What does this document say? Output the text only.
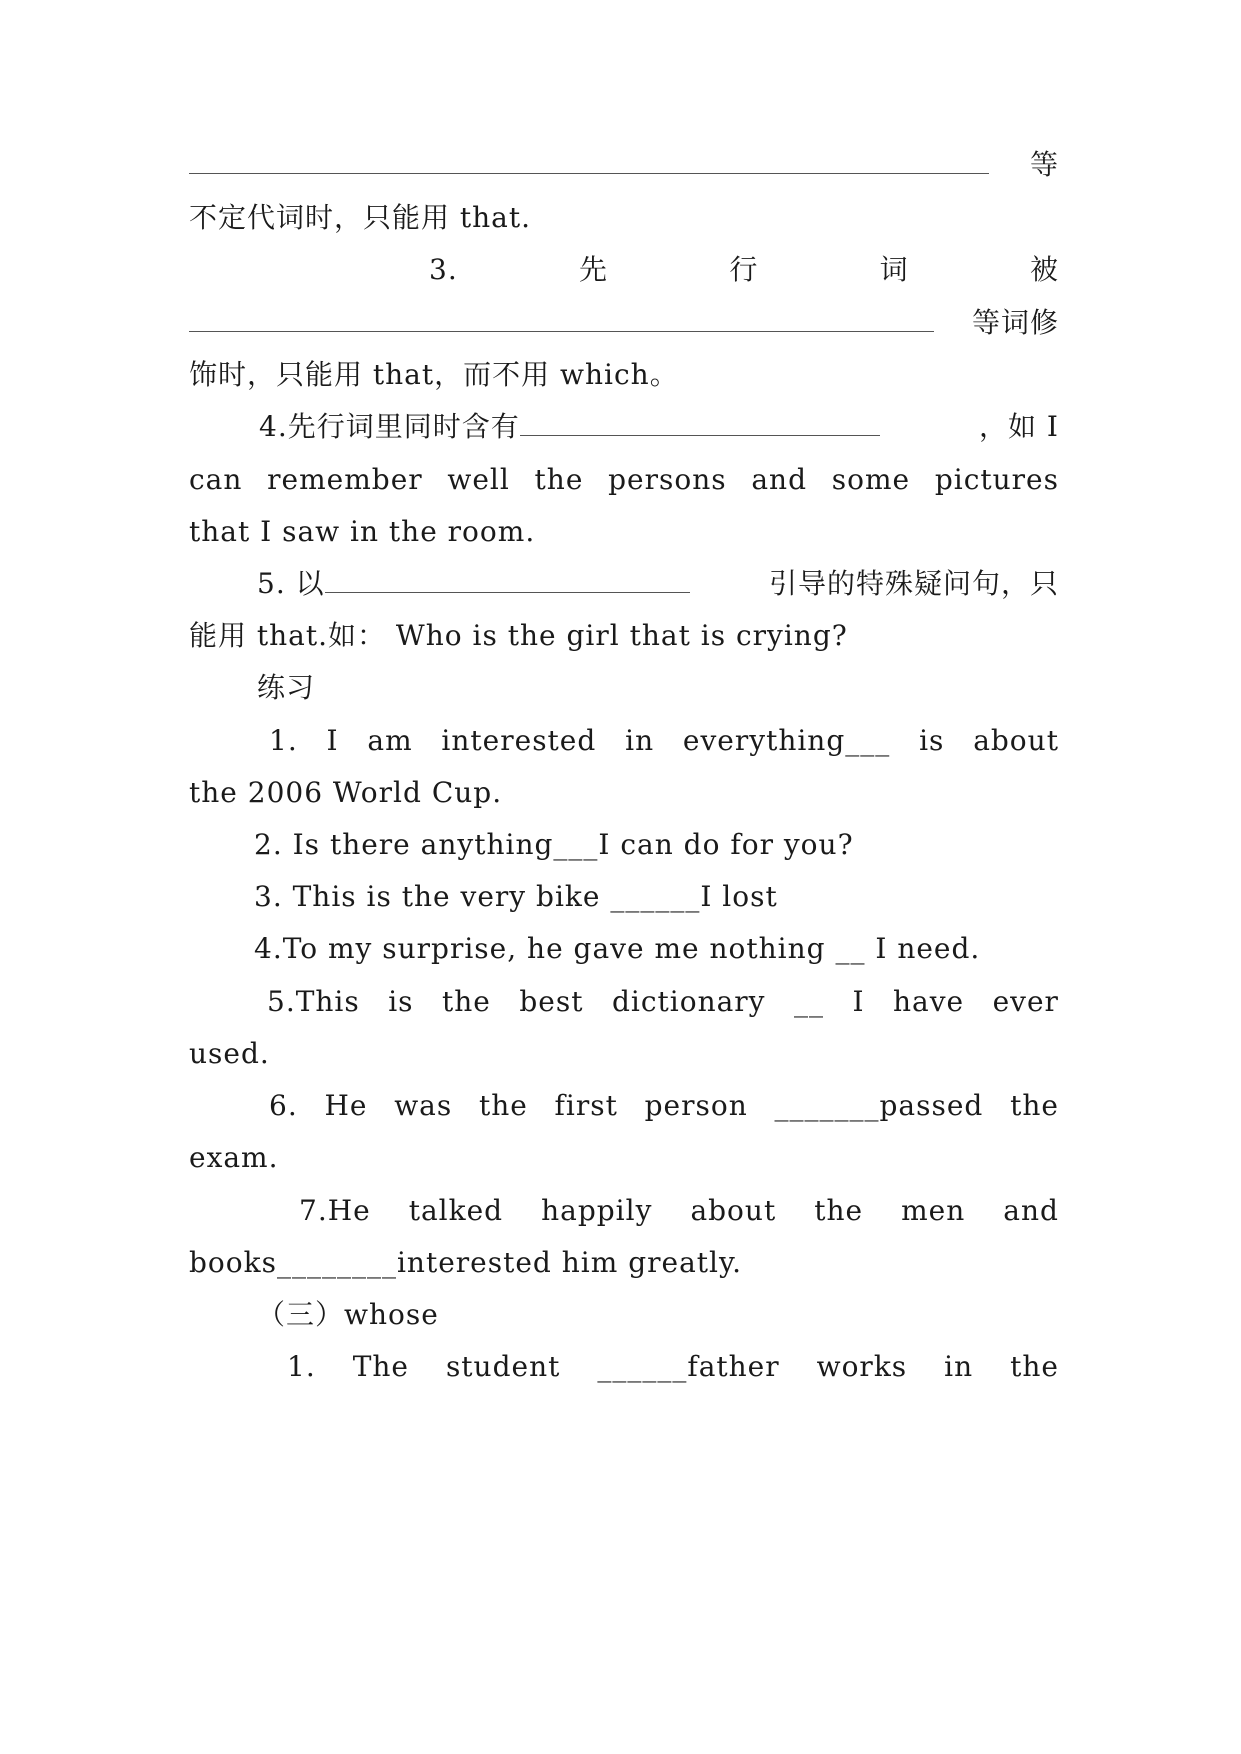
等
不定代词时，只能用 that.
3.	先	行	词	被
等词修
饰时，只能用 that，而不用 which。
4.先行词里同时含有	，如 I
can remember well the persons and some pictures
that I saw in the room.
5. 以	引导的特殊疑问句，只
能用 that.如： Who is the girl that is crying?
练习
1. I am interested in everything___ is about
the 2006 World Cup.
2. Is there anything___I can do for you?
3. This is the very bike ______I lost
4.To my surprise, he gave me nothing __ I need.
5.This is the best dictionary __ I have ever
used.
6. He was the first person _______passed the
exam.
7.He talked happily about the men and
books________interested him greatly.
（三）whose
1. The student ______father works in the
